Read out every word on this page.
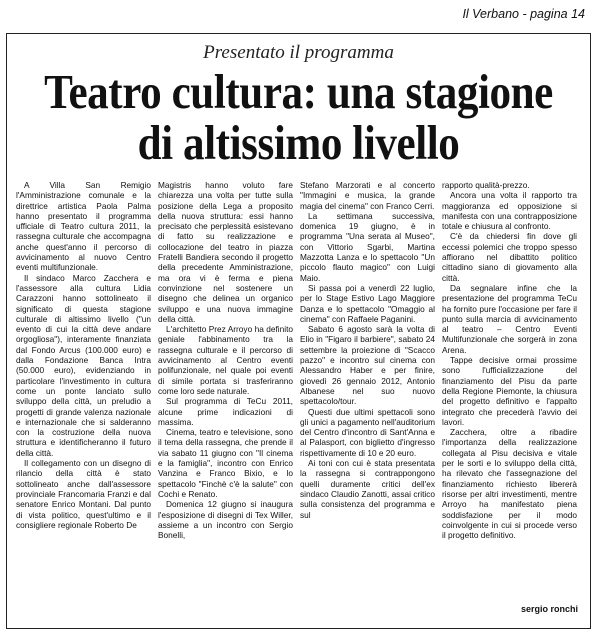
Il Verbano - pagina 14
Presentato il programma
Teatro cultura: una stagione
di altissimo livello

A Villa San Remigio l'Amministrazione comunale e la direttrice artistica Paola Palma hanno presentato il programma ufficiale di Teatro cultura 2011, la rassegna culturale che accompagna anche quest'anno il percorso di avvicinamento al nuovo Centro eventi multifunzionale.

Il sindaco Marco Zacchera e l'assessore alla cultura Lidia Carazzoni hanno sottolineato il significato di questa stagione culturale di altissimo livello ("un evento di cui la città deve andare orgogliosa"), interamente finanziata dal Fondo Arcus (100.000 euro) e dalla Fondazione Banca Intra (50.000 euro), evidenziando in particolare l'investimento in cultura come un ponte lanciato sullo sviluppo della città, un preludio a progetti di grande valenza nazionale e internazionale che si salderanno con la costruzione della nuova struttura e identificheranno il futuro della città.

Il collegamento con un disegno di rilancio della città è stato sottolineato anche dall'assessore provinciale Francomaria Franzi e dal senatore Enrico Montani. Dal punto di vista politico, quest'ultimo e il consigliere regionale Roberto De

Magistris hanno voluto fare chiarezza una volta per tutte sulla posizione della Lega a proposito della nuova struttura: essi hanno precisato che perplessità esistevano di fatto su realizzazione e collocazione del teatro in piazza Fratelli Bandiera secondo il progetto della precedente Amministrazione, ma ora vi è ferma e piena convinzione nel sostenere un disegno che delinea un organico sviluppo e una nuova immagine della città.

L'architetto Prez Arroyo ha definito geniale l'abbinamento tra la rassegna culturale e il percorso di avvicinamento al Centro eventi polifunzionale, nel quale poi eventi di simile portata si trasferiranno come loro sede naturale.

Sul programma di TeCu 2011, alcune prime indicazioni di massima.

Cinema, teatro e televisione, sono il tema della rassegna, che prende il via sabato 11 giugno con "Il cinema e la famiglia", incontro con Enrico Vanzina e Franco Bixio, e lo spettacolo "Finchè c'è la salute" con Cochi e Renato.

Domenica 12 giugno si inaugura l'esposizione di disegni di Tex Willer, assieme a un incontro con Sergio Bonelli,

Stefano Marzorati e al concerto "Immagini e musica, la grande magia del cinema" con Franco Cerri.

La settimana successiva, domenica 19 giugno, è in programma "Una serata al Museo", con Vittorio Sgarbi, Martina Mazzotta Lanza e lo spettacolo "Un piccolo flauto magico" con Luigi Maio.

Si passa poi a venerdì 22 luglio, per lo Stage Estivo Lago Maggiore Danza e lo spettacolo "Omaggio al cinema" con Raffaele Paganini.

Sabato 6 agosto sarà la volta di Elio in "Figaro il barbiere", sabato 24 settembre la proiezione di "Scacco pazzo" e incontro sul cinema con Alessandro Haber e per finire, giovedì 26 gennaio 2012, Antonio Albanese nel suo nuovo spettacolo/tour.

Questi due ultimi spettacoli sono gli unici a pagamento nell'auditorium del Centro d'incontro di Sant'Anna e al Palasport, con biglietto d'ingresso rispettivamente di 10 e 20 euro.

Ai toni con cui è stata presentata la rassegna si contrappongono quelli duramente critici dell'ex sindaco Claudio Zanotti, assai critico sulla consistenza del programma e sul

rapporto qualità-prezzo.

Ancora una volta il rapporto tra maggioranza ed opposizione si manifesta con una contrapposizione totale e chiusura al confronto.

C'è da chiedersi fin dove gli eccessi polemici che troppo spesso affiorano nel dibattito politico cittadino siano di giovamento alla città.

Da segnalare infine che la presentazione del programma TeCu ha fornito pure l'occasione per fare il punto sulla marcia di avvicinamento al teatro – Centro Eventi Multifunzionale che sorgerà in zona Arena.

Tappe decisive ormai prossime sono l'ufficializzazione del finanziamento del Pisu da parte della Regione Piemonte, la chiusura del progetto definitivo e l'appalto integrato che precederà l'avvio dei lavori.

Zacchera, oltre a ribadire l'importanza della realizzazione collegata al Pisu decisiva e vitale per le sorti e lo sviluppo della città, ha rilevato che l'assegnazione del finanziamento richiesto libererà risorse per altri investimenti, mentre Arroyo ha manifestato piena soddisfazione per il modo coinvolgente in cui si procede verso il progetto definitivo.

sergio ronchi
